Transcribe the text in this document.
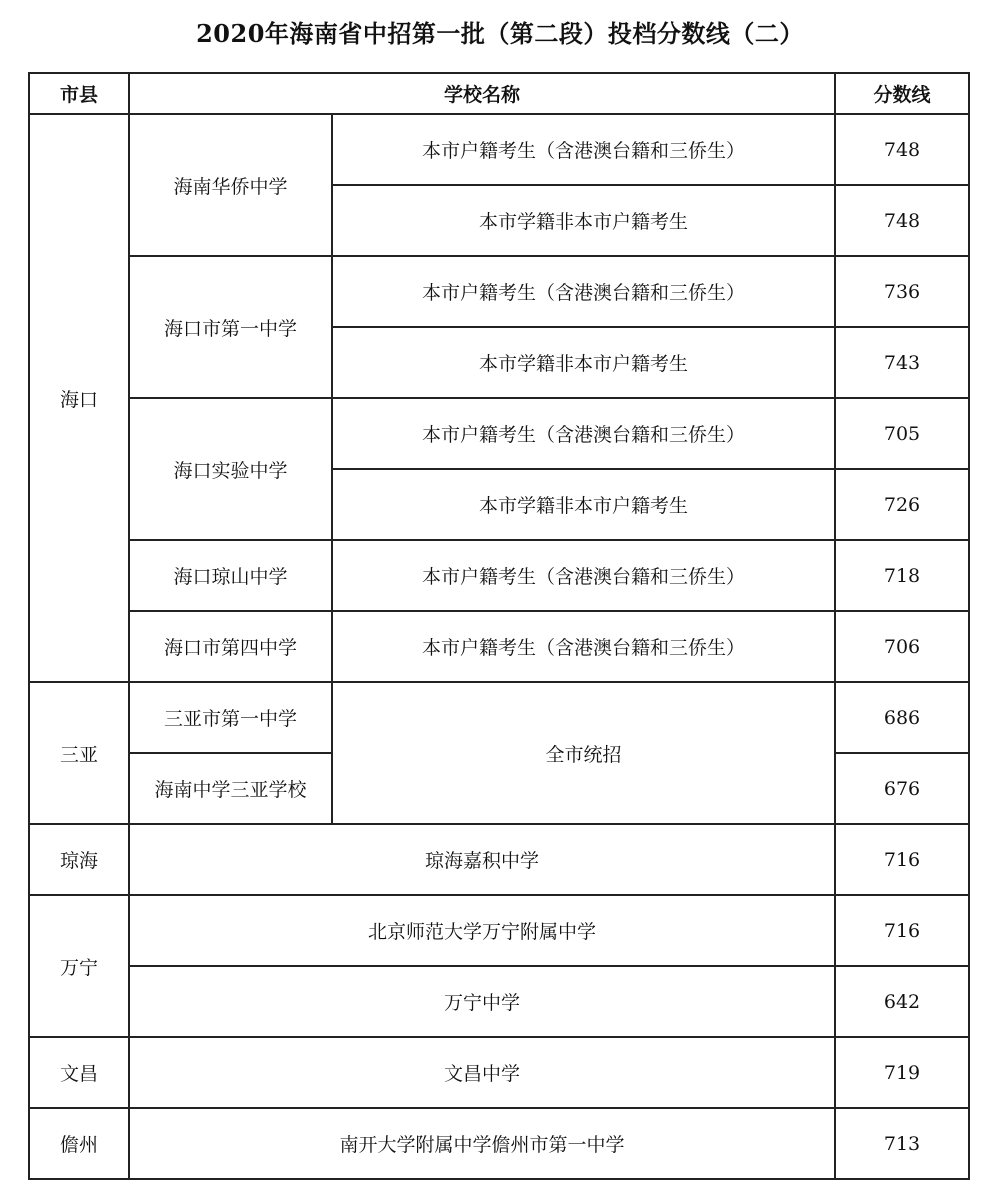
2020年海南省中招第一批（第二段）投档分数线（二）
市县	学校名称		分数线
海口	海南华侨中学	本市户籍考生（含港澳台籍和三侨生）	748
		本市学籍非本市户籍考生	748
	海口市第一中学	本市户籍考生（含港澳台籍和三侨生）	736
		本市学籍非本市户籍考生	743
	海口实验中学	本市户籍考生（含港澳台籍和三侨生）	705
		本市学籍非本市户籍考生	726
	海口琼山中学	本市户籍考生（含港澳台籍和三侨生）	718
	海口市第四中学	本市户籍考生（含港澳台籍和三侨生）	706
三亚	三亚市第一中学	全市统招	686
	海南中学三亚学校		676
琼海	琼海嘉积中学		716
万宁	北京师范大学万宁附属中学		716
	万宁中学		642
文昌	文昌中学		719
儋州	南开大学附属中学儋州市第一中学		713
